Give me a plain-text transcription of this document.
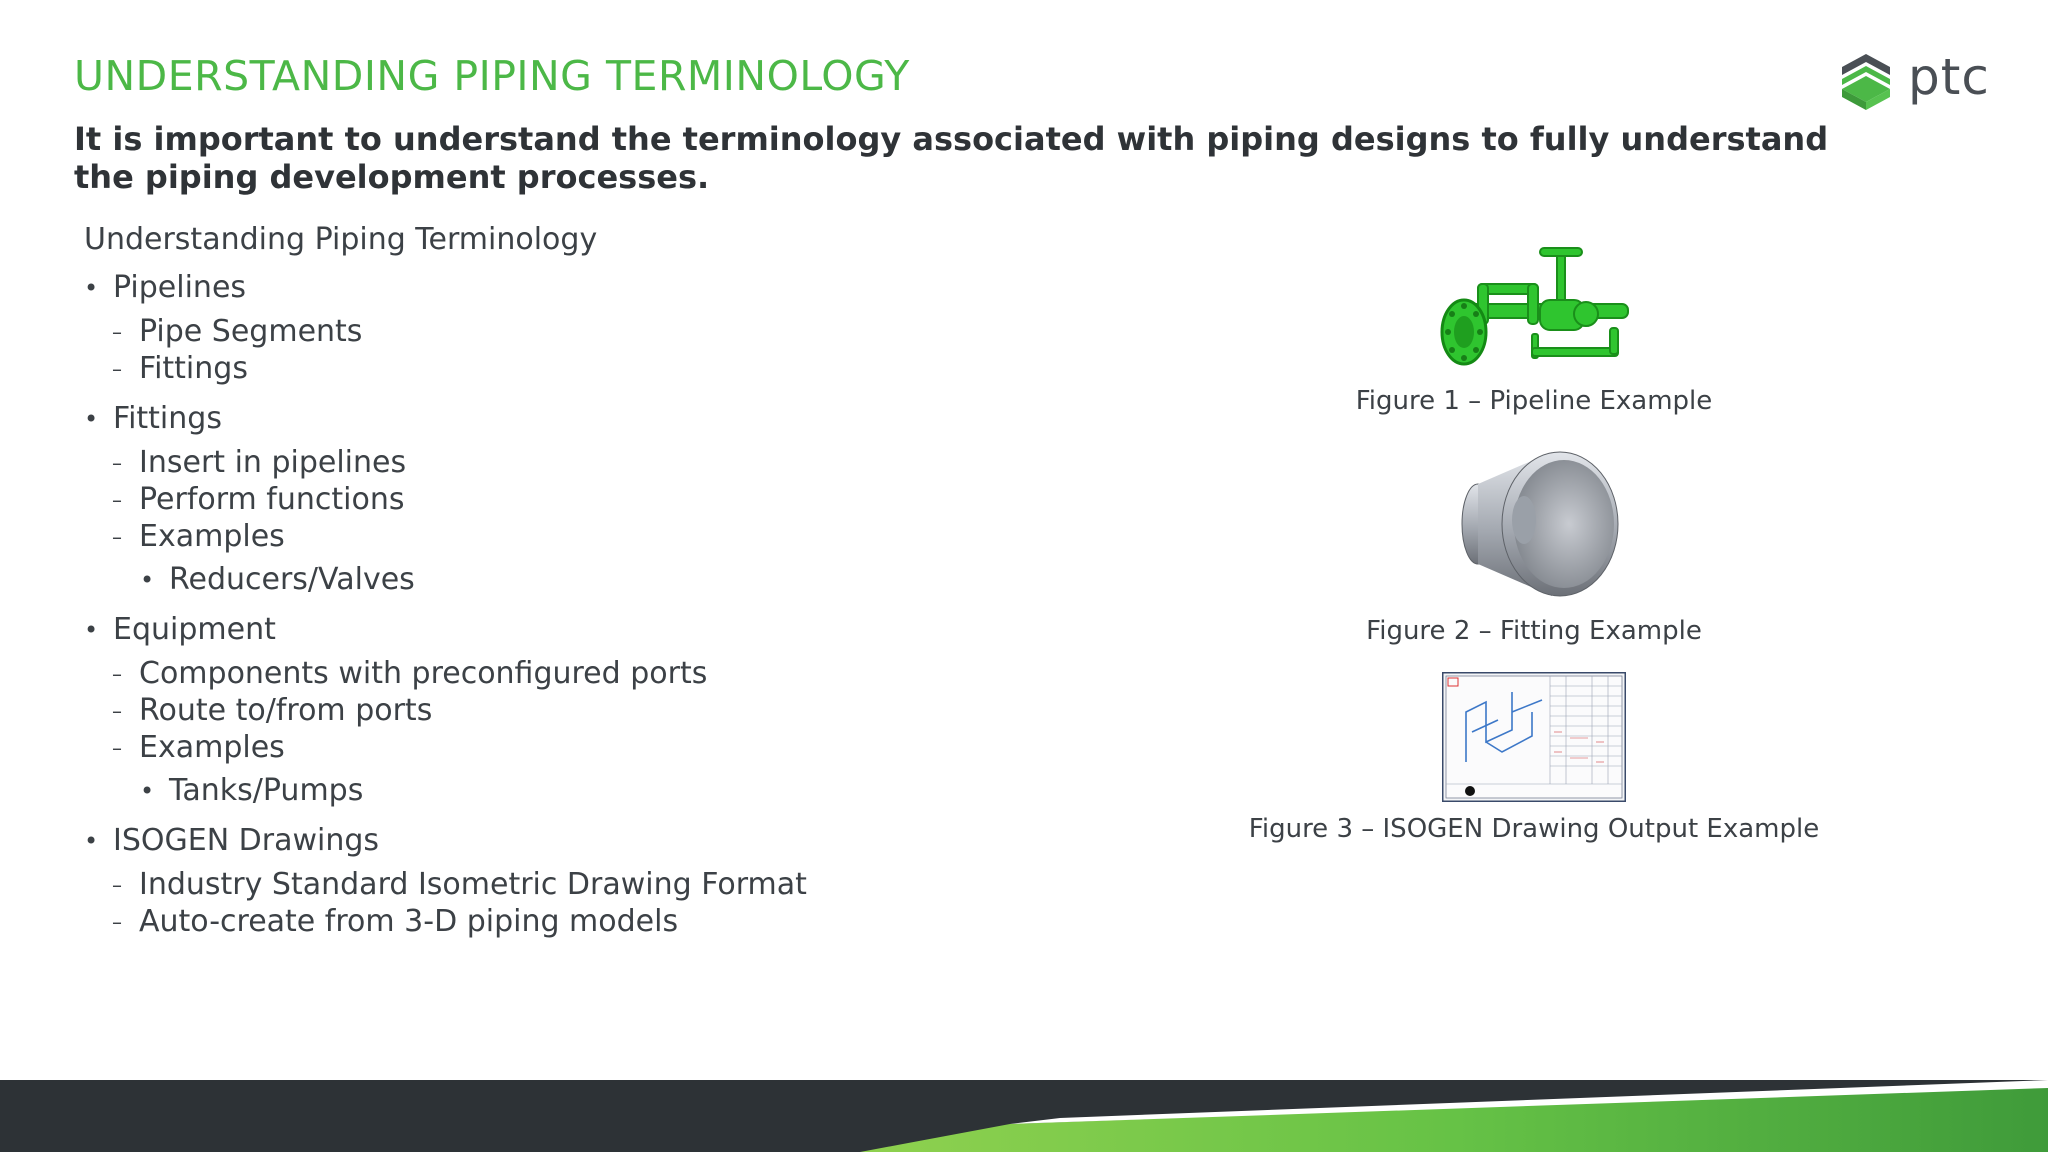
UNDERSTANDING PIPING TERMINOLOGY
It is important to understand the terminology associated with piping designs to fully understand the piping development processes.
ptc
Understanding Piping Terminology
• Pipelines
– Pipe Segments
– Fittings
• Fittings
– Insert in pipelines
– Perform functions
– Examples
• Reducers/Valves
• Equipment
– Components with preconfigured ports
– Route to/from ports
– Examples
• Tanks/Pumps
• ISOGEN Drawings
– Industry Standard Isometric Drawing Format
– Auto-create from 3-D piping models
Figure 1 – Pipeline Example
Figure 2 – Fitting Example
Figure 3 – ISOGEN Drawing Output Example
